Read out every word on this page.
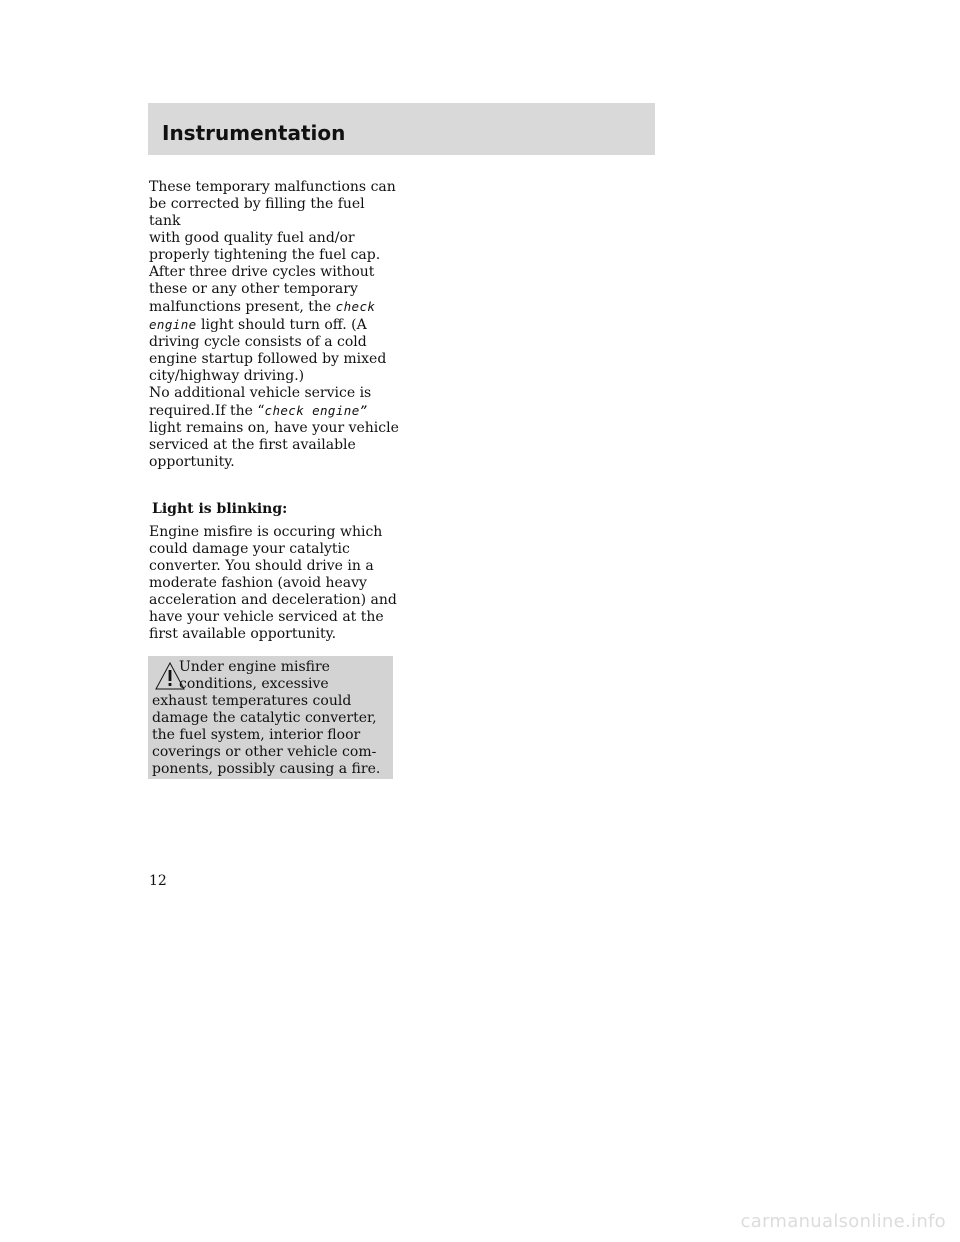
Instrumentation
These temporary malfunctions can
be corrected by filling the fuel tank
with good quality fuel and/or
properly tightening the fuel cap.
After three drive cycles without
these or any other temporary
malfunctions present, the check
engine light should turn off. (A
driving cycle consists of a cold
engine startup followed by mixed
city/highway driving.)
No additional vehicle service is
required.If the “check engine”
light remains on, have your vehicle
serviced at the first available
opportunity.
Light is blinking:
Engine misfire is occuring which
could damage your catalytic
converter. You should drive in a
moderate fashion (avoid heavy
acceleration and deceleration) and
have your vehicle serviced at the
first available opportunity.
Under engine misfire
conditions, excessive
exhaust temperatures could
damage the catalytic converter,
the fuel system, interior floor
coverings or other vehicle com-
ponents, possibly causing a fire.
12
carmanualsonline.info
